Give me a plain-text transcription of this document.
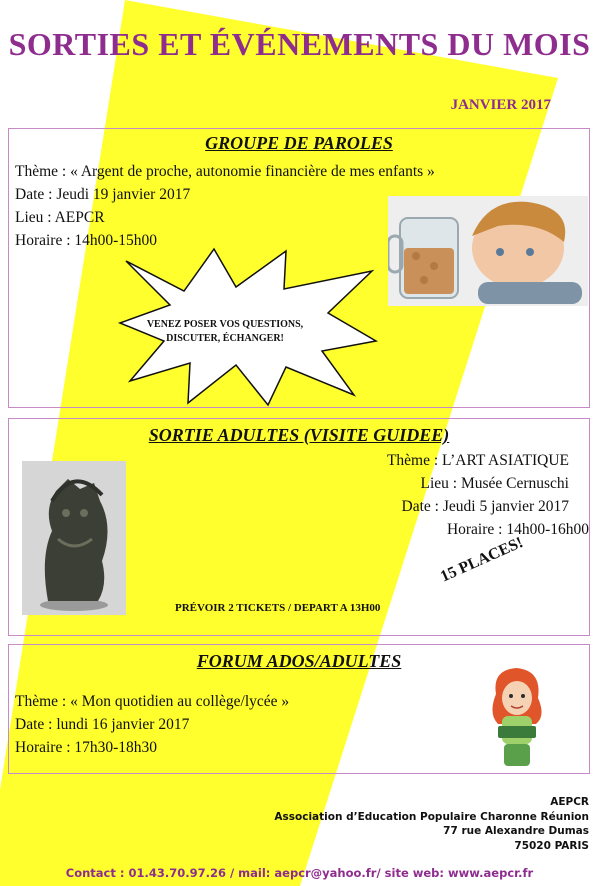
SORTIES ET ÉVÉNEMENTS DU MOIS
JANVIER 2017
GROUPE DE PAROLES
Thème : « Argent de proche, autonomie financière de mes enfants »
Date : Jeudi 19 janvier 2017
Lieu : AEPCR
Horaire : 14h00-15h00
VENEZ POSER VOS QUESTIONS,
DISCUTER, ÉCHANGER!
SORTIE ADULTES (VISITE GUIDEE)
Thème : L’ART ASIATIQUE
Lieu : Musée Cernuschi
Date : Jeudi 5 janvier 2017
Horaire : 14h00-16h00
15 PLACES!
PRÉVOIR 2 TICKETS / DEPART A 13H00
FORUM ADOS/ADULTES
Thème : « Mon quotidien au collège/lycée »
Date : lundi 16 janvier 2017
Horaire : 17h30-18h30
AEPCR
Association d’Education Populaire Charonne Réunion
77 rue Alexandre Dumas
75020 PARIS
Contact : 01.43.70.97.26 / mail: aepcr@yahoo.fr/ site web: www.aepcr.fr
